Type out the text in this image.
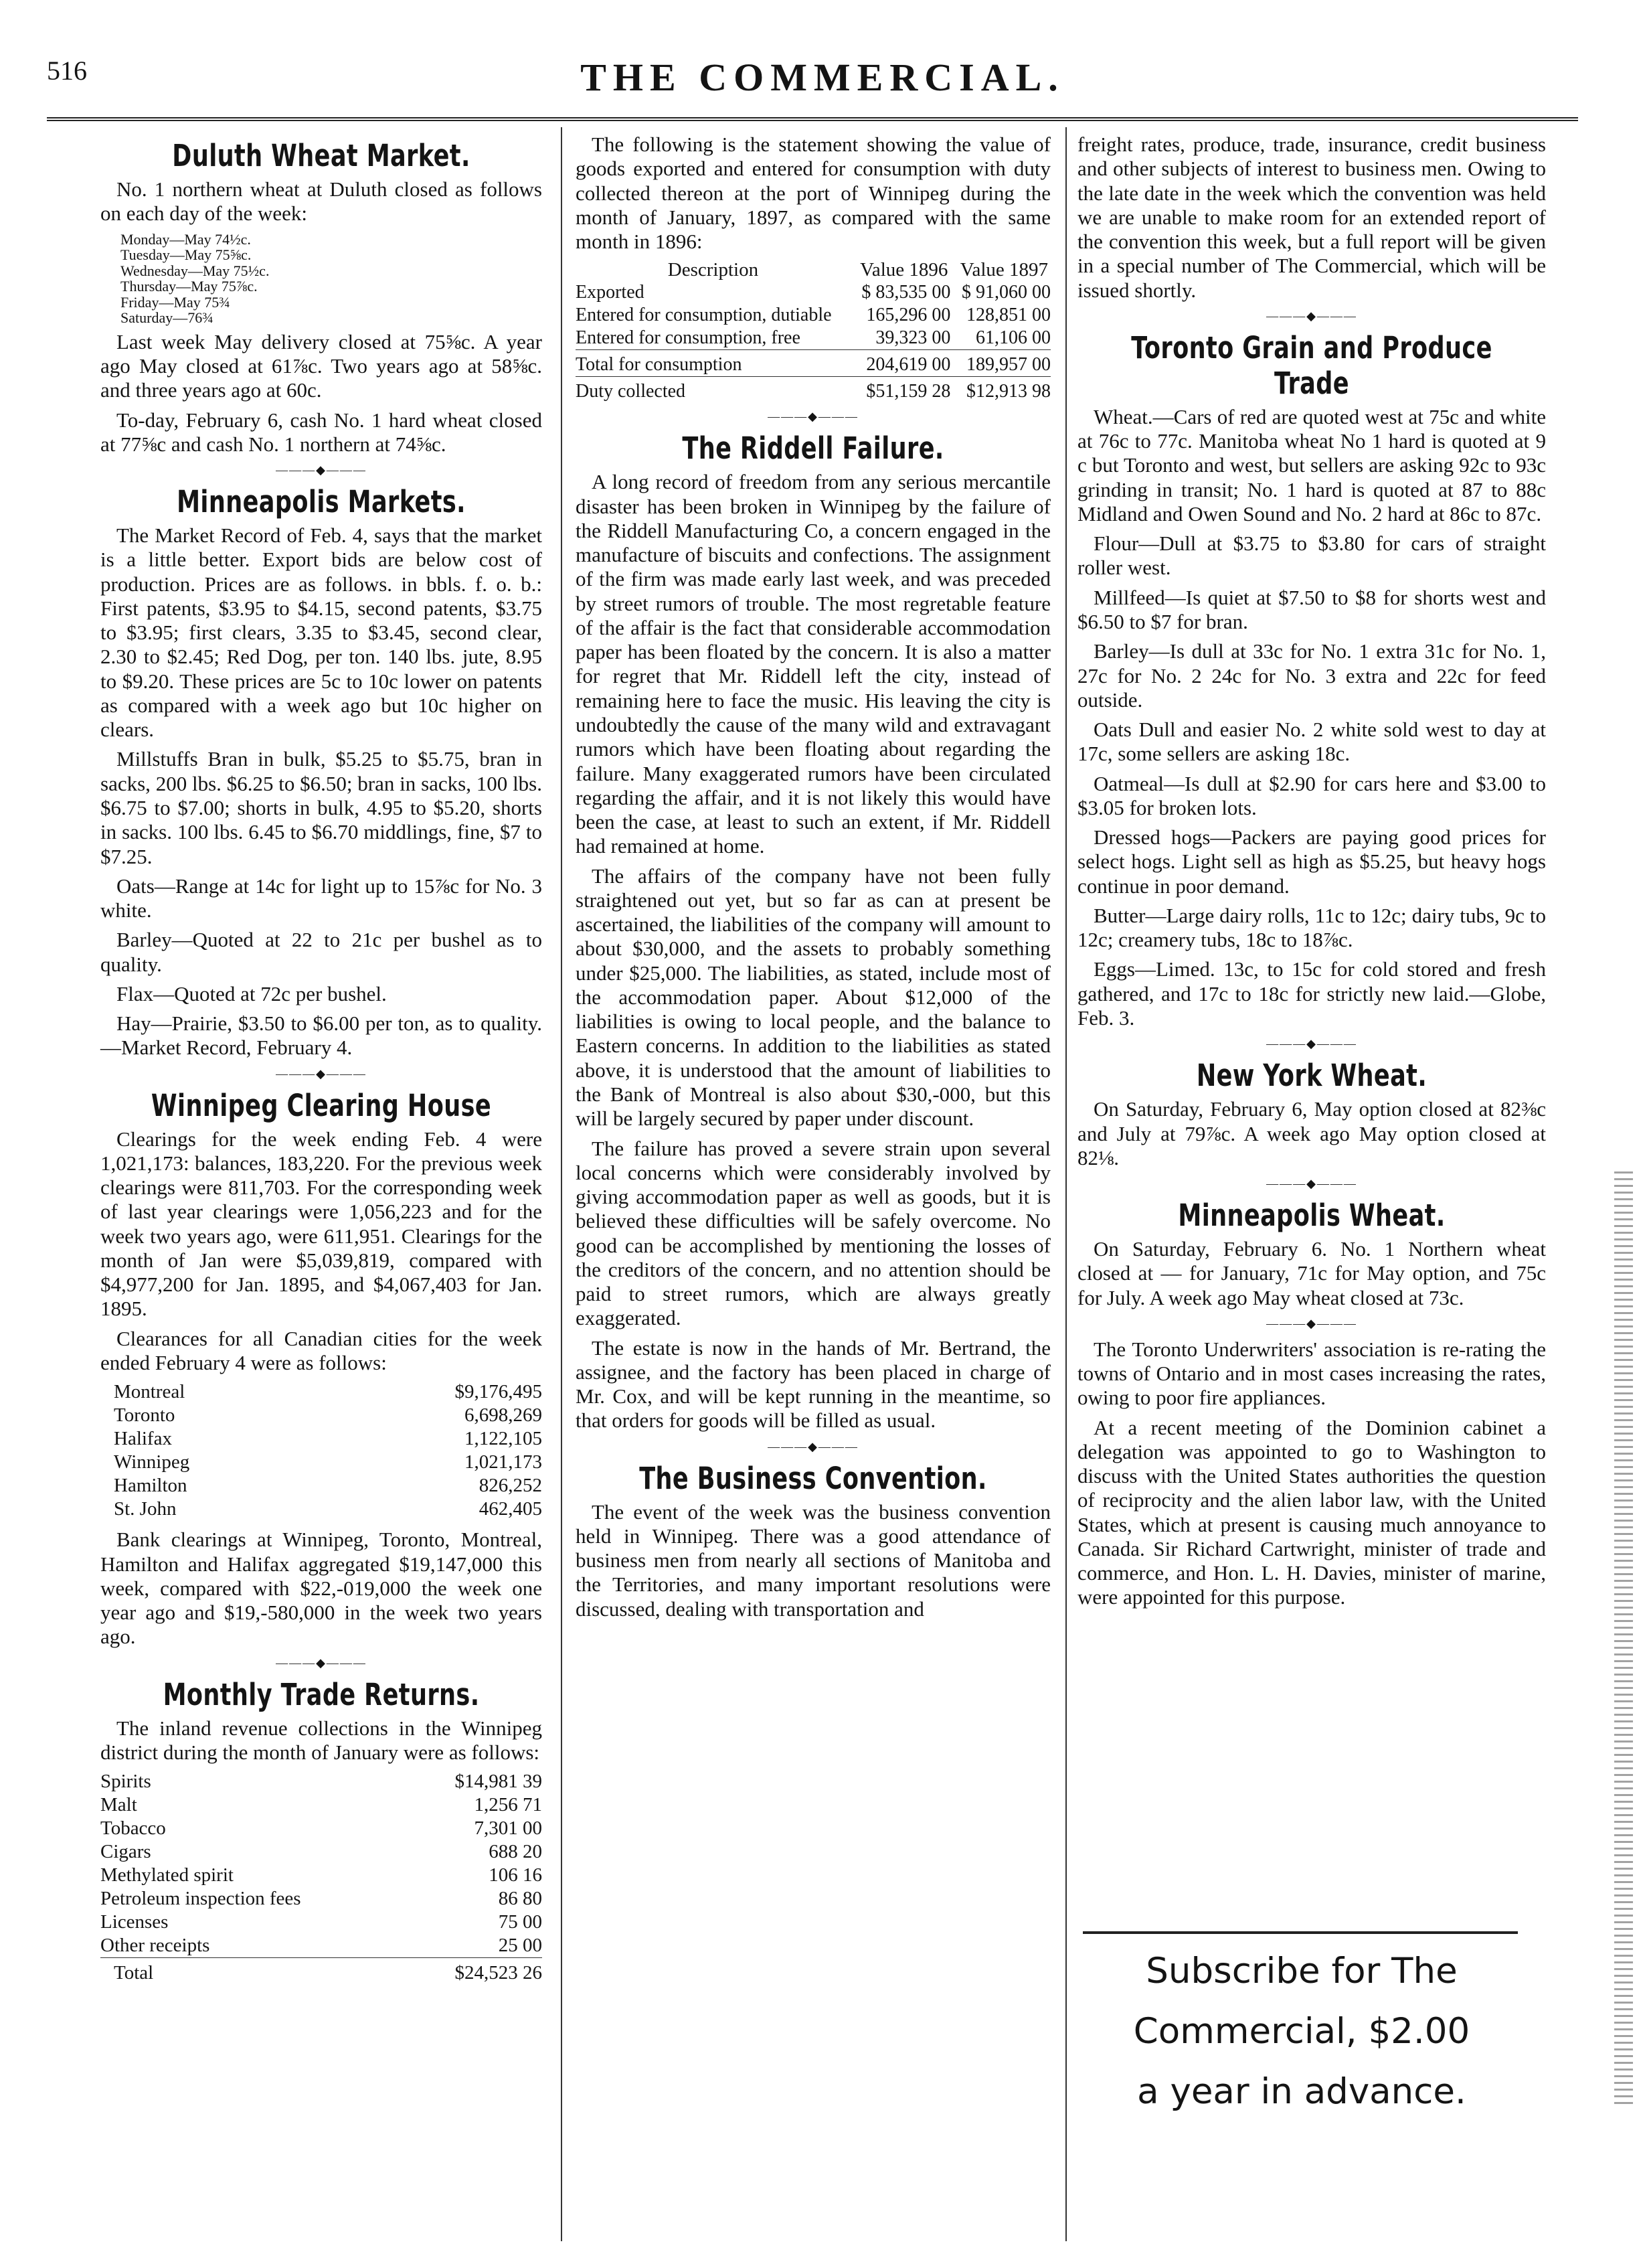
516	THE COMMERCIAL.
Duluth Wheat Market.

No. 1 northern wheat at Duluth closed as follows on each day of the week:

Monday—May 74½c.
Tuesday—May 75⅝c.
Wednesday—May 75½c.
Thursday—May 75⅞c.
Friday—May 75¾
Saturday—76¾

Last week May delivery closed at 75⅝c. A year ago May closed at 61⅞c. Two years ago at 58⅝c. and three years ago at 60c.

To-day, February 6, cash No. 1 hard wheat closed at 77⅝c and cash No. 1 northern at 74⅝c.

———◆———
Minneapolis Markets.

The Market Record of Feb. 4, says that the market is a little better. Export bids are below cost of production. Prices are as follows. in bbls. f. o. b.: First patents, $3.95 to $4.15, second patents, $3.75 to $3.95; first clears, 3.35 to $3.45, second clear, 2.30 to $2.45; Red Dog, per ton. 140 lbs. jute, 8.95 to $9.20. These prices are 5c to 10c lower on patents as compared with a week ago but 10c higher on clears.

Millstuffs Bran in bulk, $5.25 to $5.75, bran in sacks, 200 lbs. $6.25 to $6.50; bran in sacks, 100 lbs. $6.75 to $7.00; shorts in bulk, 4.95 to $5.20, shorts in sacks. 100 lbs. 6.45 to $6.70 middlings, fine, $7 to $7.25.

Oats—Range at 14c for light up to 15⅞c for No. 3 white.

Barley—Quoted at 22 to 21c per bushel as to quality.

Flax—Quoted at 72c per bushel.

Hay—Prairie, $3.50 to $6.00 per ton, as to quality.—Market Record, February 4.

———◆———
Winnipeg Clearing House

Clearings for the week ending Feb. 4 were 1,021,173: balances, 183,220. For the previous week clearings were 811,703. For the corresponding week of last year clearings were 1,056,223 and for the week two years ago, were 611,951. Clearings for the month of Jan were $5,039,819, compared with $4,977,200 for Jan. 1895, and $4,067,403 for Jan. 1895.

Clearances for all Canadian cities for the week ended February 4 were as follows:

Montreal	$9,176,495
Toronto	6,698,269
Halifax	1,122,105
Winnipeg	1,021,173
Hamilton	826,252
St. John	462,405

Bank clearings at Winnipeg, Toronto, Montreal, Hamilton and Halifax aggregated $19,147,000 this week, compared with $22,-019,000 the week one year ago and $19,-580,000 in the week two years ago.

———◆———
Monthly Trade Returns.

The inland revenue collections in the Winnipeg district during the month of January were as follows:

Spirits	$14,981 39
Malt	1,256 71
Tobacco	7,301 00
Cigars	688 20
Methylated spirit	106 16
Petroleum inspection fees	86 80
Licenses	75 00
Other receipts	25 00
Total	$24,523 26

The following is the statement showing the value of goods exported and entered for consumption with duty collected thereon at the port of Winnipeg during the month of January, 1897, as compared with the same month in 1896:

Description	Value 1896	Value 1897
Exported	$ 83,535 00	$ 91,060 00
Entered for consumption, dutiable	165,296 00	128,851 00
Entered for consumption, free	39,323 00	61,106 00
Total for consumption	204,619 00	189,957 00
Duty collected	$51,159 28	$12,913 98
———◆———
The Riddell Failure.

A long record of freedom from any serious mercantile disaster has been broken in Winnipeg by the failure of the Riddell Manufacturing Co, a concern engaged in the manufacture of biscuits and confections. The assignment of the firm was made early last week, and was preceded by street rumors of trouble. The most regretable feature of the affair is the fact that considerable accommodation paper has been floated by the concern. It is also a matter for regret that Mr. Riddell left the city, instead of remaining here to face the music. His leaving the city is undoubtedly the cause of the many wild and extravagant rumors which have been floating about regarding the failure. Many exaggerated rumors have been circulated regarding the affair, and it is not likely this would have been the case, at least to such an extent, if Mr. Riddell had remained at home.

The affairs of the company have not been fully straightened out yet, but so far as can at present be ascertained, the liabilities of the company will amount to about $30,000, and the assets to probably something under $25,000. The liabilities, as stated, include most of the accommodation paper. About $12,000 of the liabilities is owing to local people, and the balance to Eastern concerns. In addition to the liabilities as stated above, it is understood that the amount of liabilities to the Bank of Montreal is also about $30,-000, but this will be largely secured by paper under discount.

The failure has proved a severe strain upon several local concerns which were considerably involved by giving accommodation paper as well as goods, but it is believed these difficulties will be safely overcome. No good can be accomplished by mentioning the losses of the creditors of the concern, and no attention should be paid to street rumors, which are always greatly exaggerated.

The estate is now in the hands of Mr. Bertrand, the assignee, and the factory has been placed in charge of Mr. Cox, and will be kept running in the meantime, so that orders for goods will be filled as usual.

———◆———
The Business Convention.

The event of the week was the business convention held in Winnipeg. There was a good attendance of business men from nearly all sections of Manitoba and the Territories, and many important resolutions were discussed, dealing with transportation and

freight rates, produce, trade, insurance, credit business and other subjects of interest to business men. Owing to the late date in the week which the convention was held we are unable to make room for an extended report of the convention this week, but a full report will be given in a special number of The Commercial, which will be issued shortly.

———◆———
Toronto Grain and Produce Trade

Wheat.—Cars of red are quoted west at 75c and white at 76c to 77c. Manitoba wheat No 1 hard is quoted at 9 c but Toronto and west, but sellers are asking 92c to 93c grinding in transit; No. 1 hard is quoted at 87 to 88c Midland and Owen Sound and No. 2 hard at 86c to 87c.

Flour—Dull at $3.75 to $3.80 for cars of straight roller west.

Millfeed—Is quiet at $7.50 to $8 for shorts west and $6.50 to $7 for bran.

Barley—Is dull at 33c for No. 1 extra 31c for No. 1, 27c for No. 2 24c for No. 3 extra and 22c for feed outside.

Oats Dull and easier No. 2 white sold west to day at 17c, some sellers are asking 18c.

Oatmeal—Is dull at $2.90 for cars here and $3.00 to $3.05 for broken lots.

Dressed hogs—Packers are paying good prices for select hogs. Light sell as high as $5.25, but heavy hogs continue in poor demand.

Butter—Large dairy rolls, 11c to 12c; dairy tubs, 9c to 12c; creamery tubs, 18c to 18⅞c.

Eggs—Limed. 13c, to 15c for cold stored and fresh gathered, and 17c to 18c for strictly new laid.—Globe, Feb. 3.

———◆———
New York Wheat.

On Saturday, February 6, May option closed at 82⅜c and July at 79⅞c. A week ago May option closed at 82⅛.

———◆———
Minneapolis Wheat.

On Saturday, February 6. No. 1 Northern wheat closed at — for January, 71c for May option, and 75c for July. A week ago May wheat closed at 73c.

———◆———

The Toronto Underwriters' association is re-rating the towns of Ontario and in most cases increasing the rates, owing to poor fire appliances.

At a recent meeting of the Dominion cabinet a delegation was appointed to go to Washington to discuss with the United States authorities the question of reciprocity and the alien labor law, with the United States, which at present is causing much annoyance to Canada. Sir Richard Cartwright, minister of trade and commerce, and Hon. L. H. Davies, minister of marine, were appointed for this purpose.

Subscribe for The
Commercial, $2.00
a year in advance.
